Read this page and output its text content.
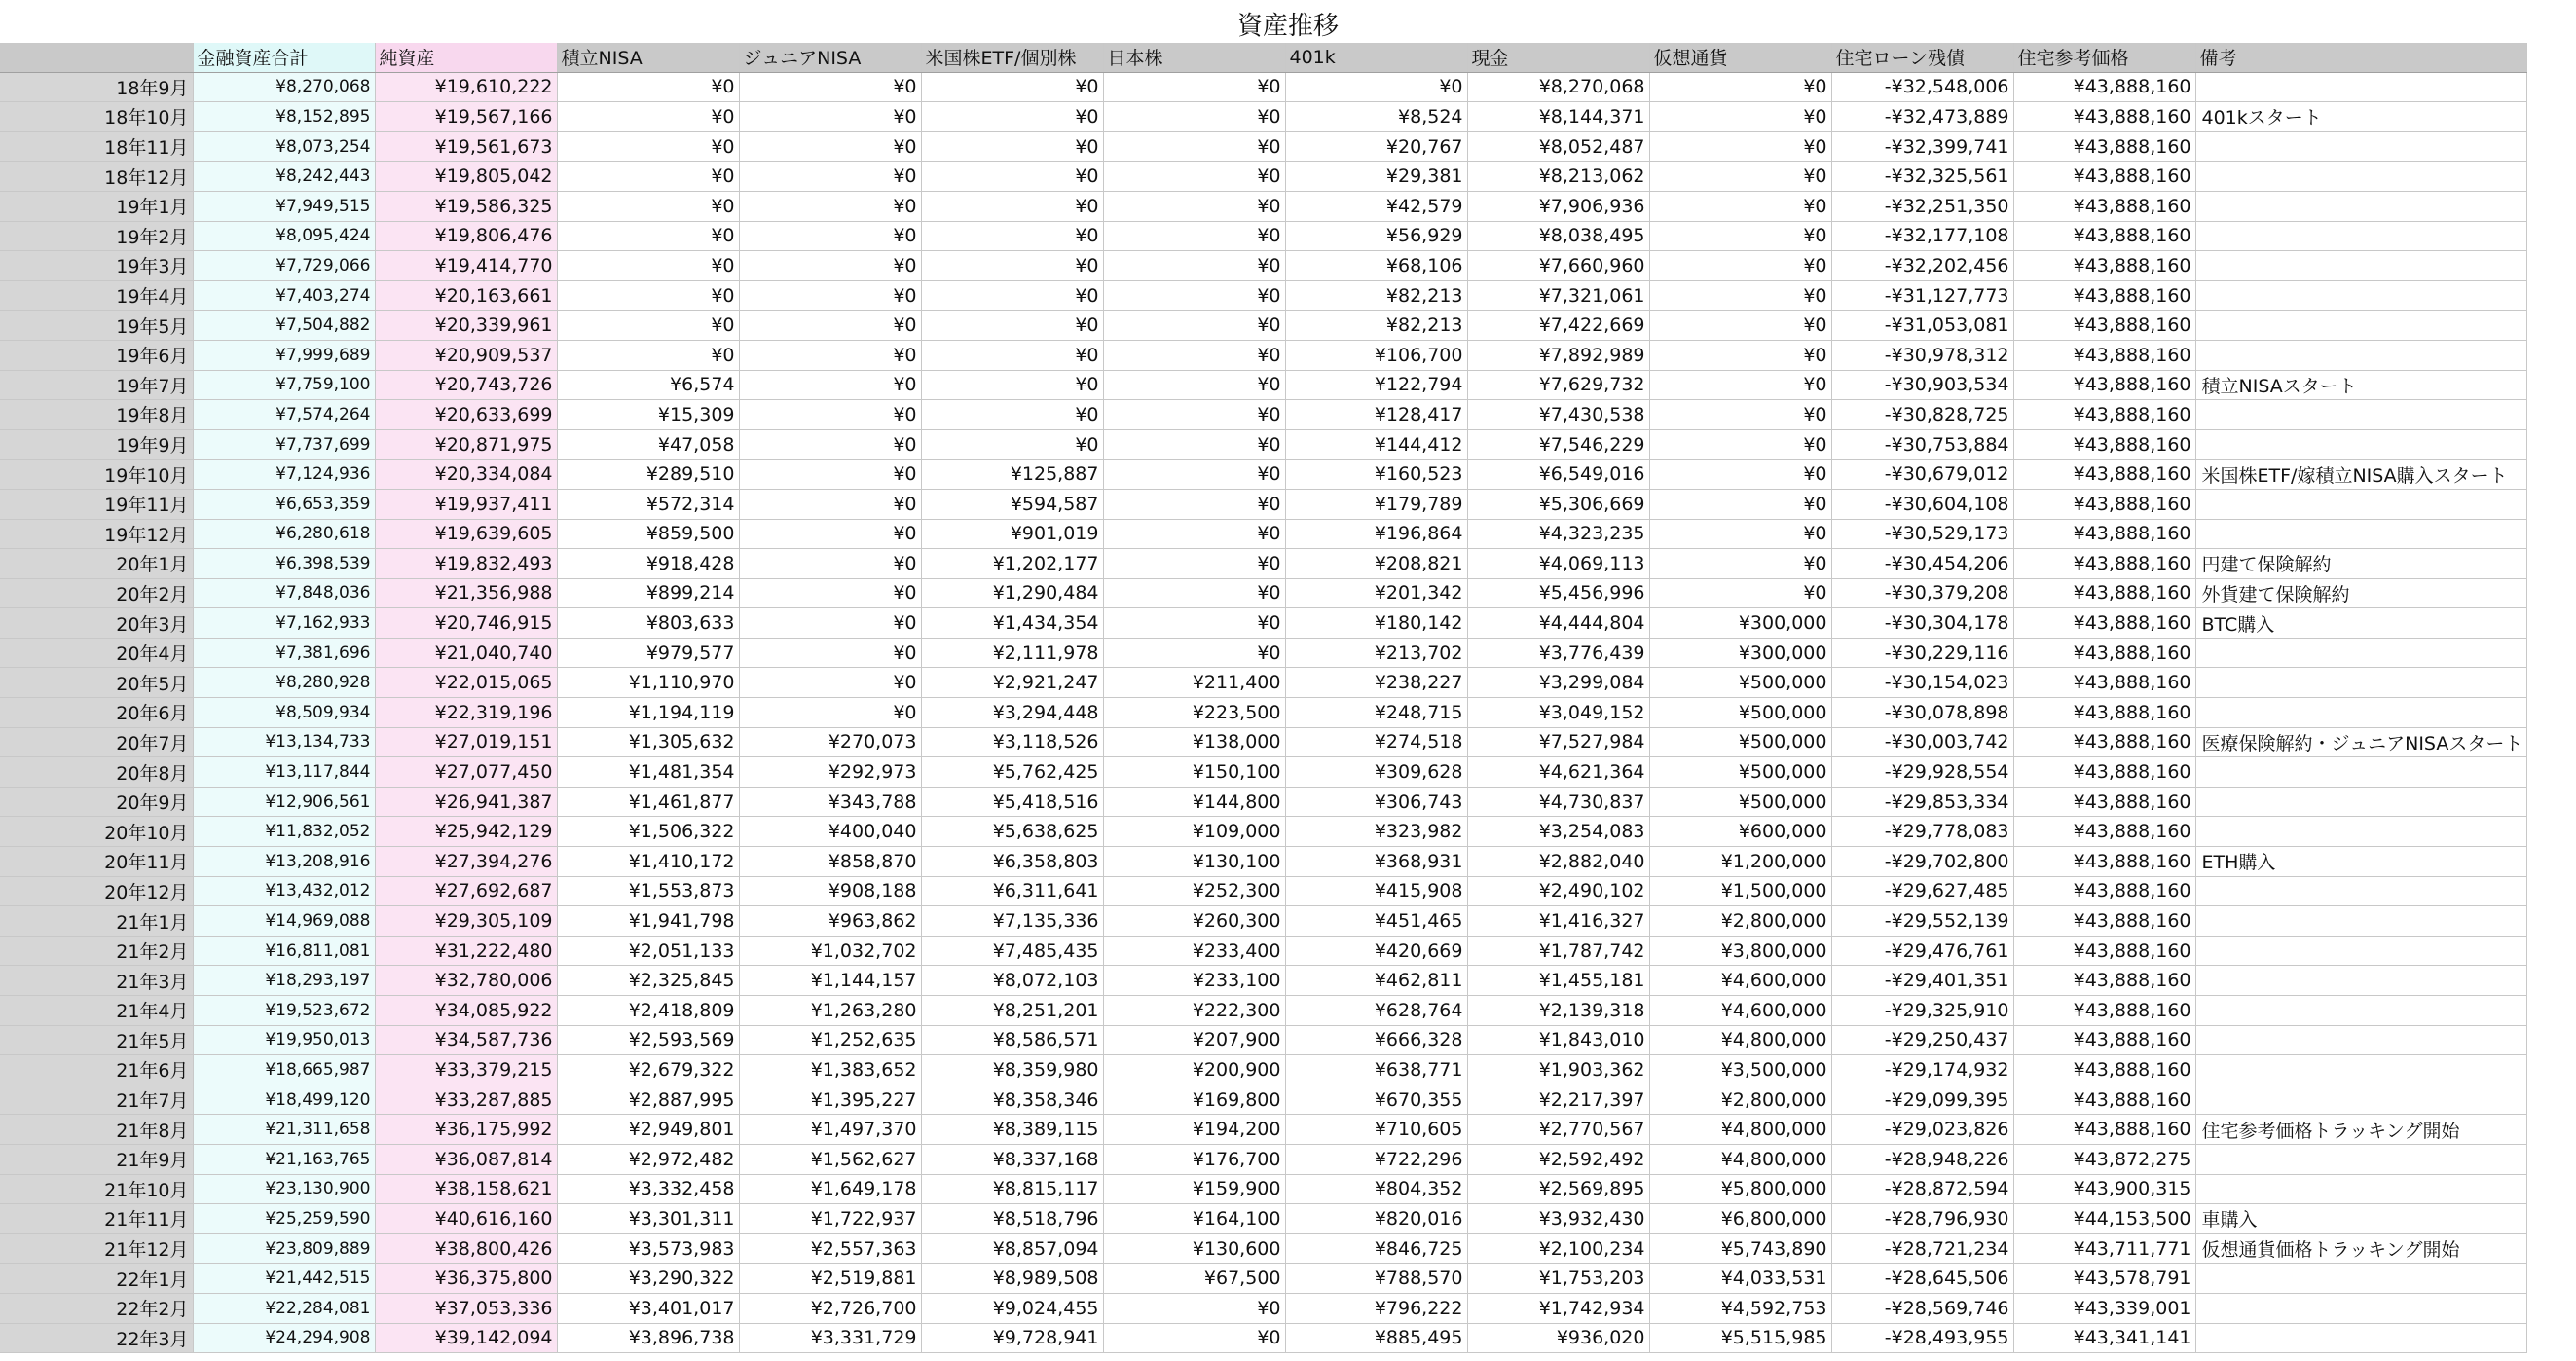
資産推移
	金融資産合計	純資産	積立NISA	ジュニアNISA	米国株ETF/個別株	日本株	401k	現金	仮想通貨	住宅ローン残債	住宅参考価格	備考
18年9月	¥8,270,068	¥19,610,222	¥0	¥0	¥0	¥0	¥0	¥8,270,068	¥0	-¥32,548,006	¥43,888,160	
18年10月	¥8,152,895	¥19,567,166	¥0	¥0	¥0	¥0	¥8,524	¥8,144,371	¥0	-¥32,473,889	¥43,888,160	401kスタート
18年11月	¥8,073,254	¥19,561,673	¥0	¥0	¥0	¥0	¥20,767	¥8,052,487	¥0	-¥32,399,741	¥43,888,160	
18年12月	¥8,242,443	¥19,805,042	¥0	¥0	¥0	¥0	¥29,381	¥8,213,062	¥0	-¥32,325,561	¥43,888,160	
19年1月	¥7,949,515	¥19,586,325	¥0	¥0	¥0	¥0	¥42,579	¥7,906,936	¥0	-¥32,251,350	¥43,888,160	
19年2月	¥8,095,424	¥19,806,476	¥0	¥0	¥0	¥0	¥56,929	¥8,038,495	¥0	-¥32,177,108	¥43,888,160	
19年3月	¥7,729,066	¥19,414,770	¥0	¥0	¥0	¥0	¥68,106	¥7,660,960	¥0	-¥32,202,456	¥43,888,160	
19年4月	¥7,403,274	¥20,163,661	¥0	¥0	¥0	¥0	¥82,213	¥7,321,061	¥0	-¥31,127,773	¥43,888,160	
19年5月	¥7,504,882	¥20,339,961	¥0	¥0	¥0	¥0	¥82,213	¥7,422,669	¥0	-¥31,053,081	¥43,888,160	
19年6月	¥7,999,689	¥20,909,537	¥0	¥0	¥0	¥0	¥106,700	¥7,892,989	¥0	-¥30,978,312	¥43,888,160	
19年7月	¥7,759,100	¥20,743,726	¥6,574	¥0	¥0	¥0	¥122,794	¥7,629,732	¥0	-¥30,903,534	¥43,888,160	積立NISAスタート
19年8月	¥7,574,264	¥20,633,699	¥15,309	¥0	¥0	¥0	¥128,417	¥7,430,538	¥0	-¥30,828,725	¥43,888,160	
19年9月	¥7,737,699	¥20,871,975	¥47,058	¥0	¥0	¥0	¥144,412	¥7,546,229	¥0	-¥30,753,884	¥43,888,160	
19年10月	¥7,124,936	¥20,334,084	¥289,510	¥0	¥125,887	¥0	¥160,523	¥6,549,016	¥0	-¥30,679,012	¥43,888,160	米国株ETF/嫁積立NISA購入スタート
19年11月	¥6,653,359	¥19,937,411	¥572,314	¥0	¥594,587	¥0	¥179,789	¥5,306,669	¥0	-¥30,604,108	¥43,888,160	
19年12月	¥6,280,618	¥19,639,605	¥859,500	¥0	¥901,019	¥0	¥196,864	¥4,323,235	¥0	-¥30,529,173	¥43,888,160	
20年1月	¥6,398,539	¥19,832,493	¥918,428	¥0	¥1,202,177	¥0	¥208,821	¥4,069,113	¥0	-¥30,454,206	¥43,888,160	円建て保険解約
20年2月	¥7,848,036	¥21,356,988	¥899,214	¥0	¥1,290,484	¥0	¥201,342	¥5,456,996	¥0	-¥30,379,208	¥43,888,160	外貨建て保険解約
20年3月	¥7,162,933	¥20,746,915	¥803,633	¥0	¥1,434,354	¥0	¥180,142	¥4,444,804	¥300,000	-¥30,304,178	¥43,888,160	BTC購入
20年4月	¥7,381,696	¥21,040,740	¥979,577	¥0	¥2,111,978	¥0	¥213,702	¥3,776,439	¥300,000	-¥30,229,116	¥43,888,160	
20年5月	¥8,280,928	¥22,015,065	¥1,110,970	¥0	¥2,921,247	¥211,400	¥238,227	¥3,299,084	¥500,000	-¥30,154,023	¥43,888,160	
20年6月	¥8,509,934	¥22,319,196	¥1,194,119	¥0	¥3,294,448	¥223,500	¥248,715	¥3,049,152	¥500,000	-¥30,078,898	¥43,888,160	
20年7月	¥13,134,733	¥27,019,151	¥1,305,632	¥270,073	¥3,118,526	¥138,000	¥274,518	¥7,527,984	¥500,000	-¥30,003,742	¥43,888,160	医療保険解約・ジュニアNISAスタート
20年8月	¥13,117,844	¥27,077,450	¥1,481,354	¥292,973	¥5,762,425	¥150,100	¥309,628	¥4,621,364	¥500,000	-¥29,928,554	¥43,888,160	
20年9月	¥12,906,561	¥26,941,387	¥1,461,877	¥343,788	¥5,418,516	¥144,800	¥306,743	¥4,730,837	¥500,000	-¥29,853,334	¥43,888,160	
20年10月	¥11,832,052	¥25,942,129	¥1,506,322	¥400,040	¥5,638,625	¥109,000	¥323,982	¥3,254,083	¥600,000	-¥29,778,083	¥43,888,160	
20年11月	¥13,208,916	¥27,394,276	¥1,410,172	¥858,870	¥6,358,803	¥130,100	¥368,931	¥2,882,040	¥1,200,000	-¥29,702,800	¥43,888,160	ETH購入
20年12月	¥13,432,012	¥27,692,687	¥1,553,873	¥908,188	¥6,311,641	¥252,300	¥415,908	¥2,490,102	¥1,500,000	-¥29,627,485	¥43,888,160	
21年1月	¥14,969,088	¥29,305,109	¥1,941,798	¥963,862	¥7,135,336	¥260,300	¥451,465	¥1,416,327	¥2,800,000	-¥29,552,139	¥43,888,160	
21年2月	¥16,811,081	¥31,222,480	¥2,051,133	¥1,032,702	¥7,485,435	¥233,400	¥420,669	¥1,787,742	¥3,800,000	-¥29,476,761	¥43,888,160	
21年3月	¥18,293,197	¥32,780,006	¥2,325,845	¥1,144,157	¥8,072,103	¥233,100	¥462,811	¥1,455,181	¥4,600,000	-¥29,401,351	¥43,888,160	
21年4月	¥19,523,672	¥34,085,922	¥2,418,809	¥1,263,280	¥8,251,201	¥222,300	¥628,764	¥2,139,318	¥4,600,000	-¥29,325,910	¥43,888,160	
21年5月	¥19,950,013	¥34,587,736	¥2,593,569	¥1,252,635	¥8,586,571	¥207,900	¥666,328	¥1,843,010	¥4,800,000	-¥29,250,437	¥43,888,160	
21年6月	¥18,665,987	¥33,379,215	¥2,679,322	¥1,383,652	¥8,359,980	¥200,900	¥638,771	¥1,903,362	¥3,500,000	-¥29,174,932	¥43,888,160	
21年7月	¥18,499,120	¥33,287,885	¥2,887,995	¥1,395,227	¥8,358,346	¥169,800	¥670,355	¥2,217,397	¥2,800,000	-¥29,099,395	¥43,888,160	
21年8月	¥21,311,658	¥36,175,992	¥2,949,801	¥1,497,370	¥8,389,115	¥194,200	¥710,605	¥2,770,567	¥4,800,000	-¥29,023,826	¥43,888,160	住宅参考価格トラッキング開始
21年9月	¥21,163,765	¥36,087,814	¥2,972,482	¥1,562,627	¥8,337,168	¥176,700	¥722,296	¥2,592,492	¥4,800,000	-¥28,948,226	¥43,872,275	
21年10月	¥23,130,900	¥38,158,621	¥3,332,458	¥1,649,178	¥8,815,117	¥159,900	¥804,352	¥2,569,895	¥5,800,000	-¥28,872,594	¥43,900,315	
21年11月	¥25,259,590	¥40,616,160	¥3,301,311	¥1,722,937	¥8,518,796	¥164,100	¥820,016	¥3,932,430	¥6,800,000	-¥28,796,930	¥44,153,500	車購入
21年12月	¥23,809,889	¥38,800,426	¥3,573,983	¥2,557,363	¥8,857,094	¥130,600	¥846,725	¥2,100,234	¥5,743,890	-¥28,721,234	¥43,711,771	仮想通貨価格トラッキング開始
22年1月	¥21,442,515	¥36,375,800	¥3,290,322	¥2,519,881	¥8,989,508	¥67,500	¥788,570	¥1,753,203	¥4,033,531	-¥28,645,506	¥43,578,791	
22年2月	¥22,284,081	¥37,053,336	¥3,401,017	¥2,726,700	¥9,024,455	¥0	¥796,222	¥1,742,934	¥4,592,753	-¥28,569,746	¥43,339,001	
22年3月	¥24,294,908	¥39,142,094	¥3,896,738	¥3,331,729	¥9,728,941	¥0	¥885,495	¥936,020	¥5,515,985	-¥28,493,955	¥43,341,141	
